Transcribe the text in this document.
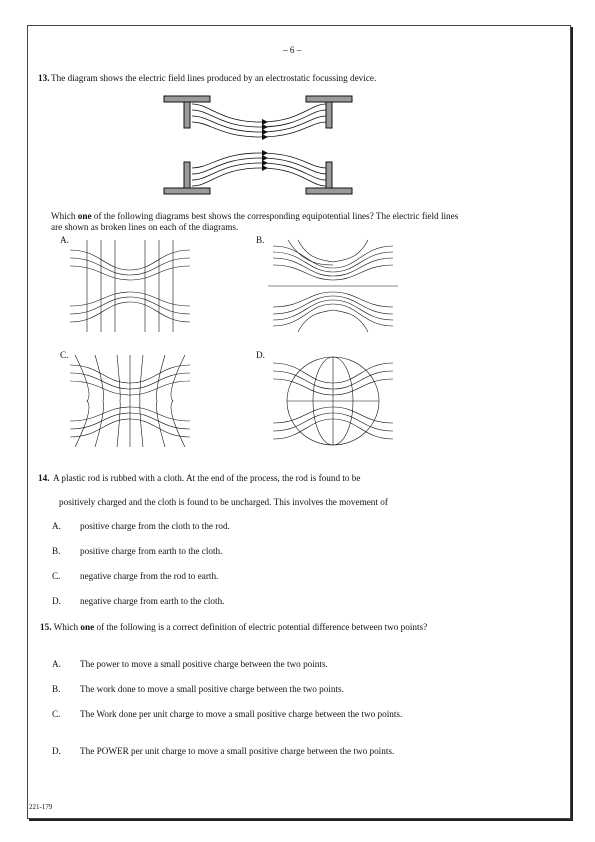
– 6 –
13. The diagram shows the electric field lines produced by an electrostatic focussing device.
Which one of the following diagrams best shows the corresponding equipotential lines? The electric field lines are shown as broken lines on each of the diagrams.
A.	B.
C.	D.
14. A plastic rod is rubbed with a cloth. At the end of the process, the rod is found to be
positively charged and the cloth is found to be uncharged. This involves the movement of
A. positive charge from the cloth to the rod.
B. positive charge from earth to the cloth.
C. negative charge from the rod to earth.
D. negative charge from earth to the cloth.
15. Which one of the following is a correct definition of electric potential difference between two points?
A. The power to move a small positive charge between the two points.
B. The work done to move a small positive charge between the two points.
C. The Work done per unit charge to move a small positive charge between the two points.
D. The POWER per unit charge to move a small positive charge between the two points.
221-179
